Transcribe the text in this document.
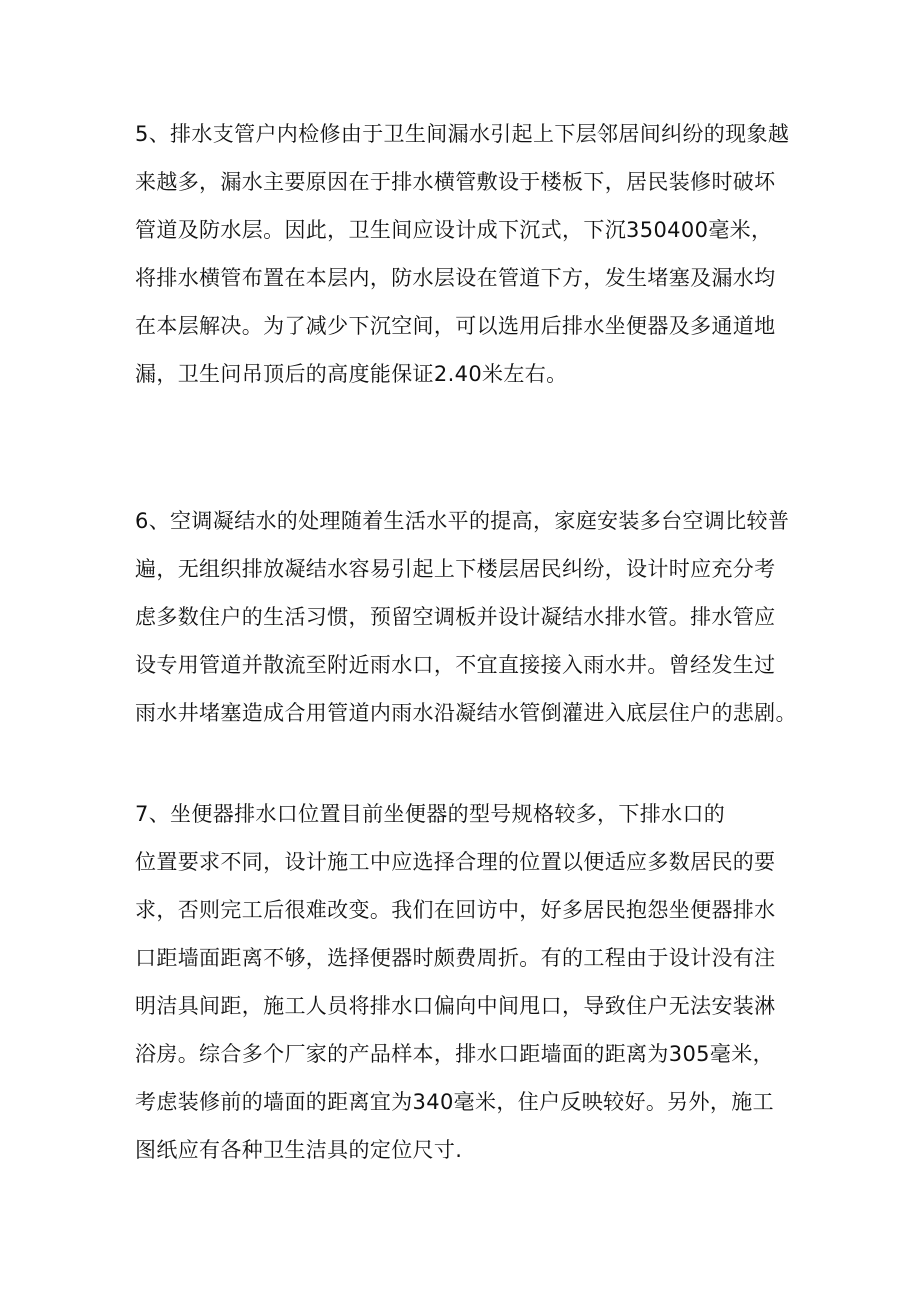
5、排水支管户内检修由于卫生间漏水引起上下层邻居间纠纷的现象越
来越多，漏水主要原因在于排水横管敷设于楼板下，居民装修时破坏
管道及防水层。因此，卫生间应设计成下沉式，下沉350400毫米，
将排水横管布置在本层内，防水层设在管道下方，发生堵塞及漏水均
在本层解决。为了减少下沉空间，可以选用后排水坐便器及多通道地
漏，卫生问吊顶后的高度能保证2.40米左右。
6、空调凝结水的处理随着生活水平的提高，家庭安装多台空调比较普
遍，无组织排放凝结水容易引起上下楼层居民纠纷，设计时应充分考
虑多数住户的生活习惯，预留空调板并设计凝结水排水管。排水管应
设专用管道并散流至附近雨水口，不宜直接接入雨水井。曾经发生过
雨水井堵塞造成合用管道内雨水沿凝结水管倒灌进入底层住户的悲剧。
7、坐便器排水口位置目前坐便器的型号规格较多，下排水口的
位置要求不同，设计施工中应选择合理的位置以便适应多数居民的要
求，否则完工后很难改变。我们在回访中，好多居民抱怨坐便器排水
口距墙面距离不够，选择便器时颇费周折。有的工程由于设计没有注
明洁具间距，施工人员将排水口偏向中间甩口，导致住户无法安装淋
浴房。综合多个厂家的产品样本，排水口距墙面的距离为305毫米，
考虑装修前的墙面的距离宜为340毫米，住户反映较好。另外，施工
图纸应有各种卫生洁具的定位尺寸.
